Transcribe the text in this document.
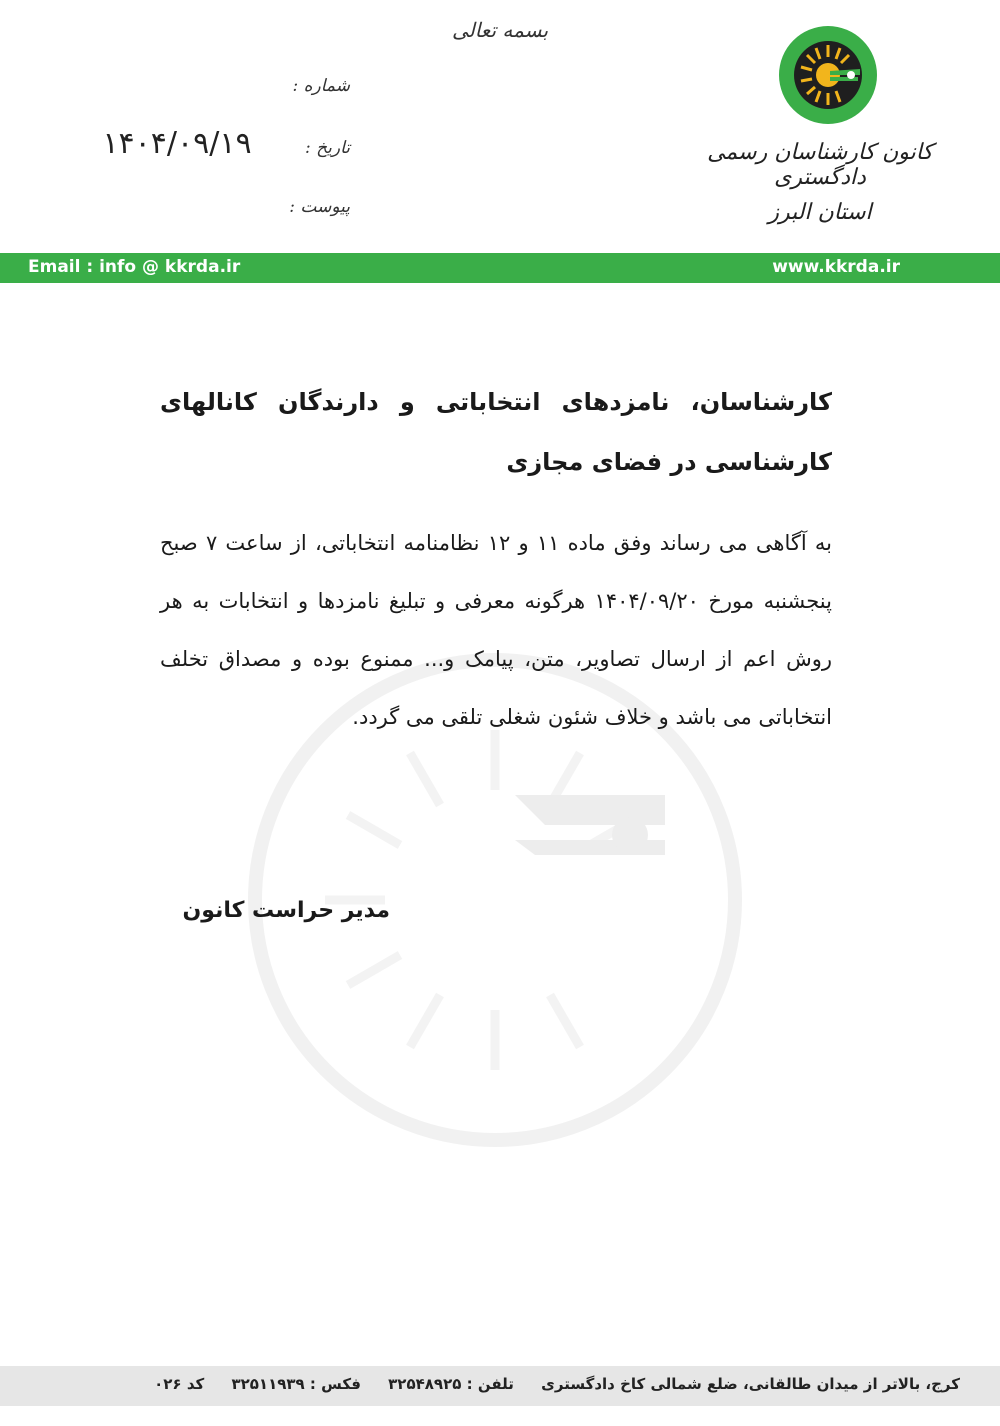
بسمه تعالی
کانون کارشناسان رسمی دادگستری
استان البرز
شماره :
تاریخ :
۱۴۰۴/۰۹/۱۹
پیوست :
Email : info @ kkrda.ir	www.kkrda.ir
کارشناسان، نامزدهای انتخاباتی و دارندگان کانالهای کارشناسی در فضای مجازی
به آگاهی می رساند وفق ماده ۱۱ و ۱۲ نظامنامه انتخاباتی، از ساعت ۷ صبح پنجشنبه مورخ ۱۴۰۴/۰۹/۲۰ هرگونه معرفی و تبلیغ نامزدها و انتخابات به هر روش اعم از ارسال تصاویر، متن، پیامک و... ممنوع بوده و مصداق تخلف انتخاباتی می باشد و خلاف شئون شغلی تلقی می گردد.
مدیر حراست کانون
کرج، بالاتر از میدان طالقانی، ضلع شمالی کاخ دادگستری تلفن : ۳۲۵۴۸۹۲۵ فکس : ۳۲۵۱۱۹۳۹ کد ۰۲۶
